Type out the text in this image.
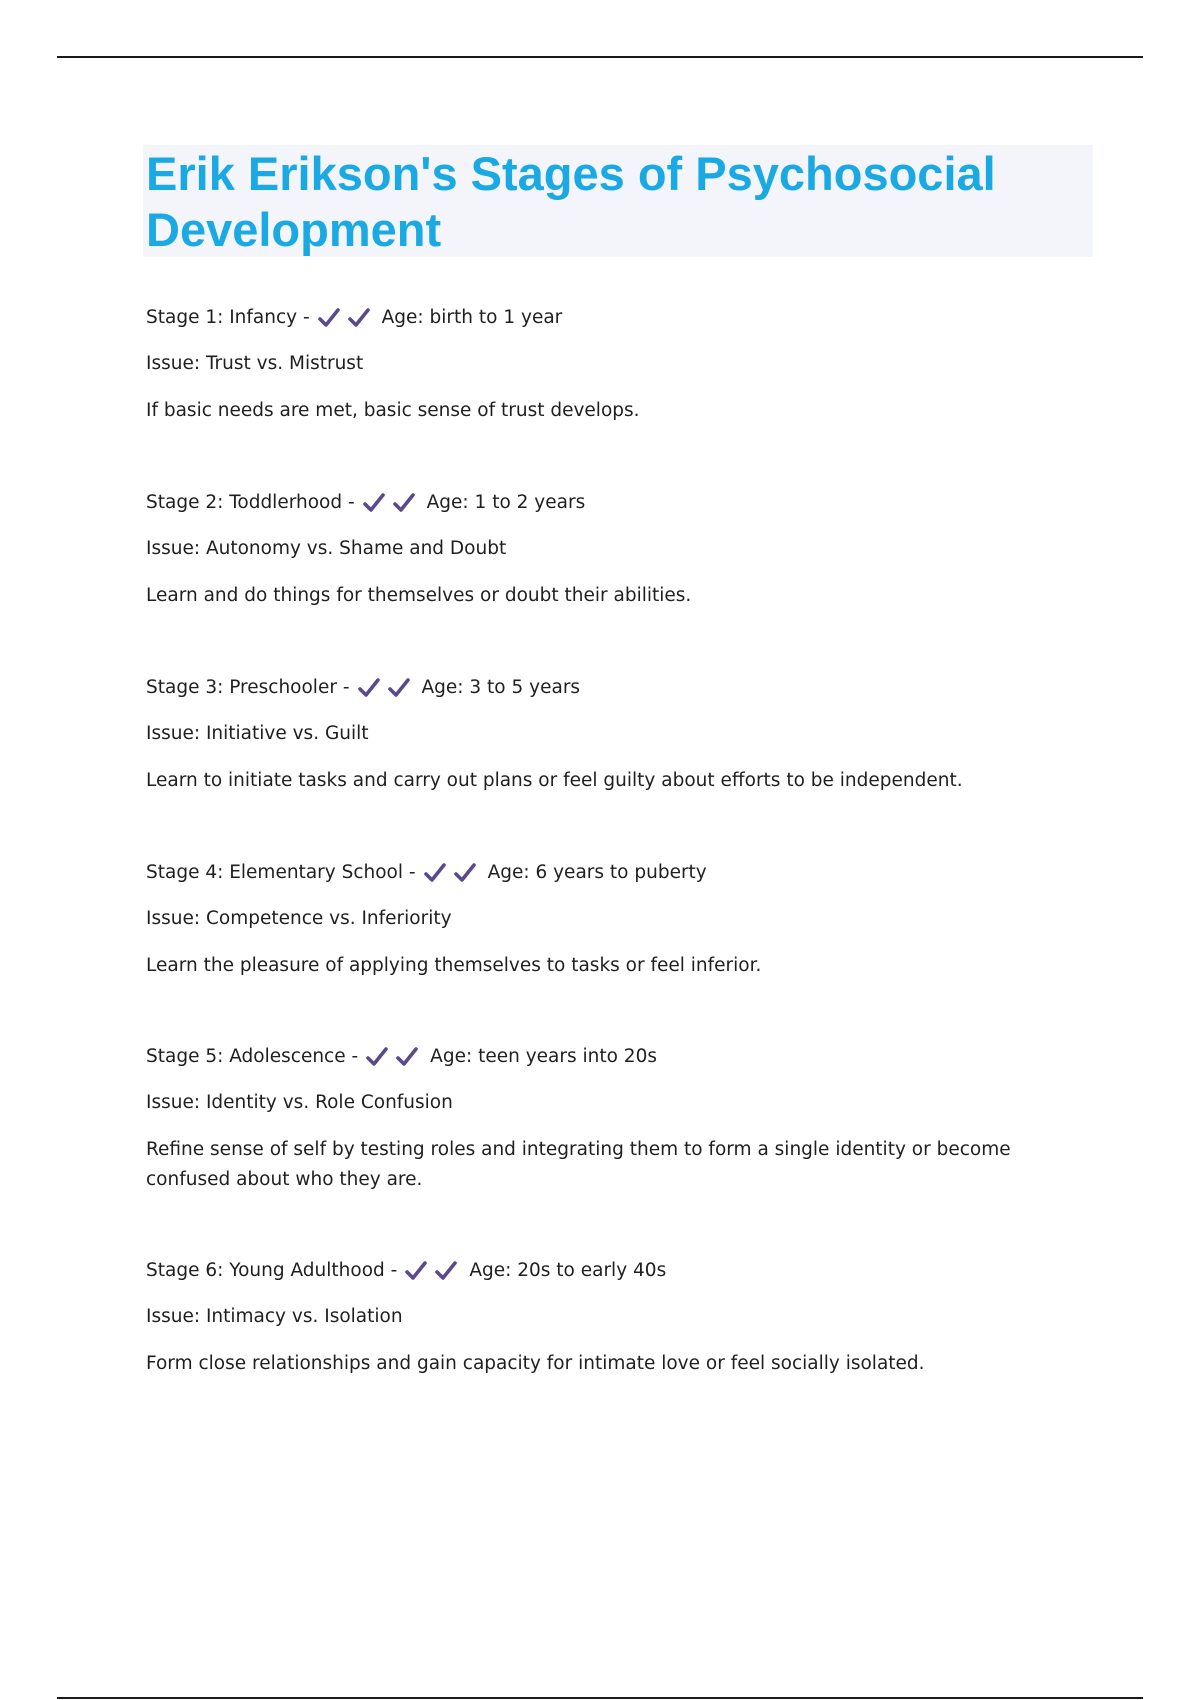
Erik Erikson's Stages of Psychosocial Development

Stage 1: Infancy -	Age: birth to 1 year

Issue: Trust vs. Mistrust

If basic needs are met, basic sense of trust develops.

Stage 2: Toddlerhood -	Age: 1 to 2 years

Issue: Autonomy vs. Shame and Doubt

Learn and do things for themselves or doubt their abilities.

Stage 3: Preschooler -	Age: 3 to 5 years

Issue: Initiative vs. Guilt

Learn to initiate tasks and carry out plans or feel guilty about efforts to be independent.

Stage 4: Elementary School -	Age: 6 years to puberty

Issue: Competence vs. Inferiority

Learn the pleasure of applying themselves to tasks or feel inferior.

Stage 5: Adolescence -	Age: teen years into 20s

Issue: Identity vs. Role Confusion

Refine sense of self by testing roles and integrating them to form a single identity or become confused about who they are.

Stage 6: Young Adulthood -	Age: 20s to early 40s

Issue: Intimacy vs. Isolation

Form close relationships and gain capacity for intimate love or feel socially isolated.
